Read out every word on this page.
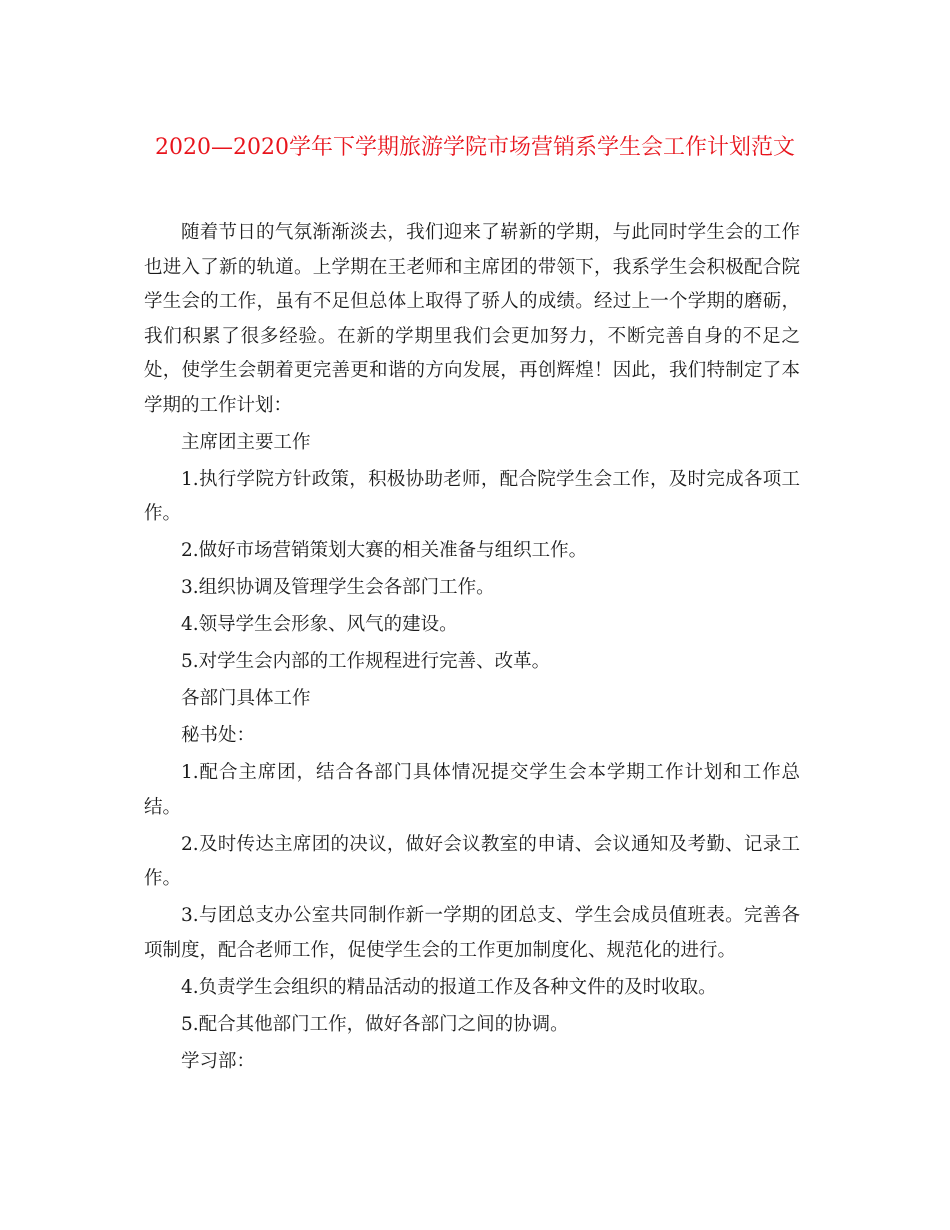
2020—2020学年下学期旅游学院市场营销系学生会工作计划范文

随着节日的气氛渐渐淡去，我们迎来了崭新的学期，与此同时学生会的工作也进入了新的轨道。上学期在王老师和主席团的带领下，我系学生会积极配合院学生会的工作，虽有不足但总体上取得了骄人的成绩。经过上一个学期的磨砺，我们积累了很多经验。在新的学期里我们会更加努力，不断完善自身的不足之处，使学生会朝着更完善更和谐的方向发展，再创辉煌！因此，我们特制定了本学期的工作计划：

主席团主要工作

1.执行学院方针政策，积极协助老师，配合院学生会工作，及时完成各项工作。

2.做好市场营销策划大赛的相关准备与组织工作。

3.组织协调及管理学生会各部门工作。

4.领导学生会形象、风气的建设。

5.对学生会内部的工作规程进行完善、改革。

各部门具体工作

秘书处：

1.配合主席团，结合各部门具体情况提交学生会本学期工作计划和工作总结。

2.及时传达主席团的决议，做好会议教室的申请、会议通知及考勤、记录工作。

3.与团总支办公室共同制作新一学期的团总支、学生会成员值班表。完善各项制度，配合老师工作，促使学生会的工作更加制度化、规范化的进行。

4.负责学生会组织的精品活动的报道工作及各种文件的及时收取。

5.配合其他部门工作，做好各部门之间的协调。

学习部：
